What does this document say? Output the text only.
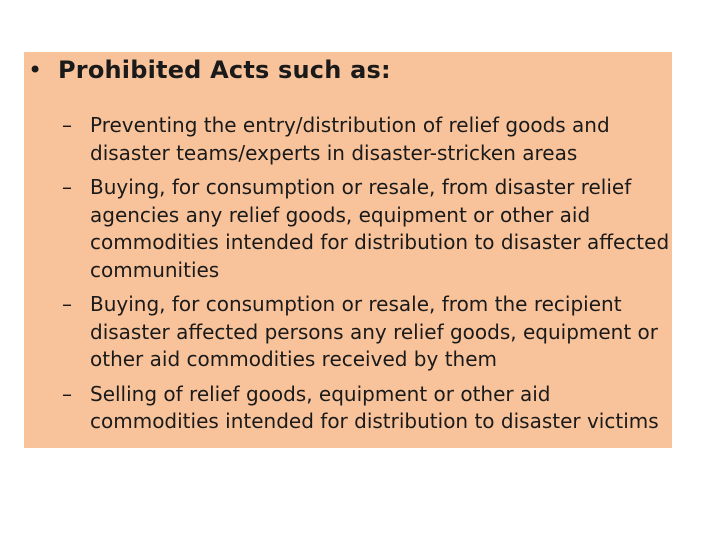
• Prohibited Acts such as:
– Preventing the entry/distribution of relief goods and disaster teams/experts in disaster-stricken areas
– Buying, for consumption or resale, from disaster relief agencies any relief goods, equipment or other aid commodities intended for distribution to disaster affected communities
– Buying, for consumption or resale, from the recipient disaster affected persons any relief goods, equipment or other aid commodities received by them
– Selling of relief goods, equipment or other aid commodities intended for distribution to disaster victims
